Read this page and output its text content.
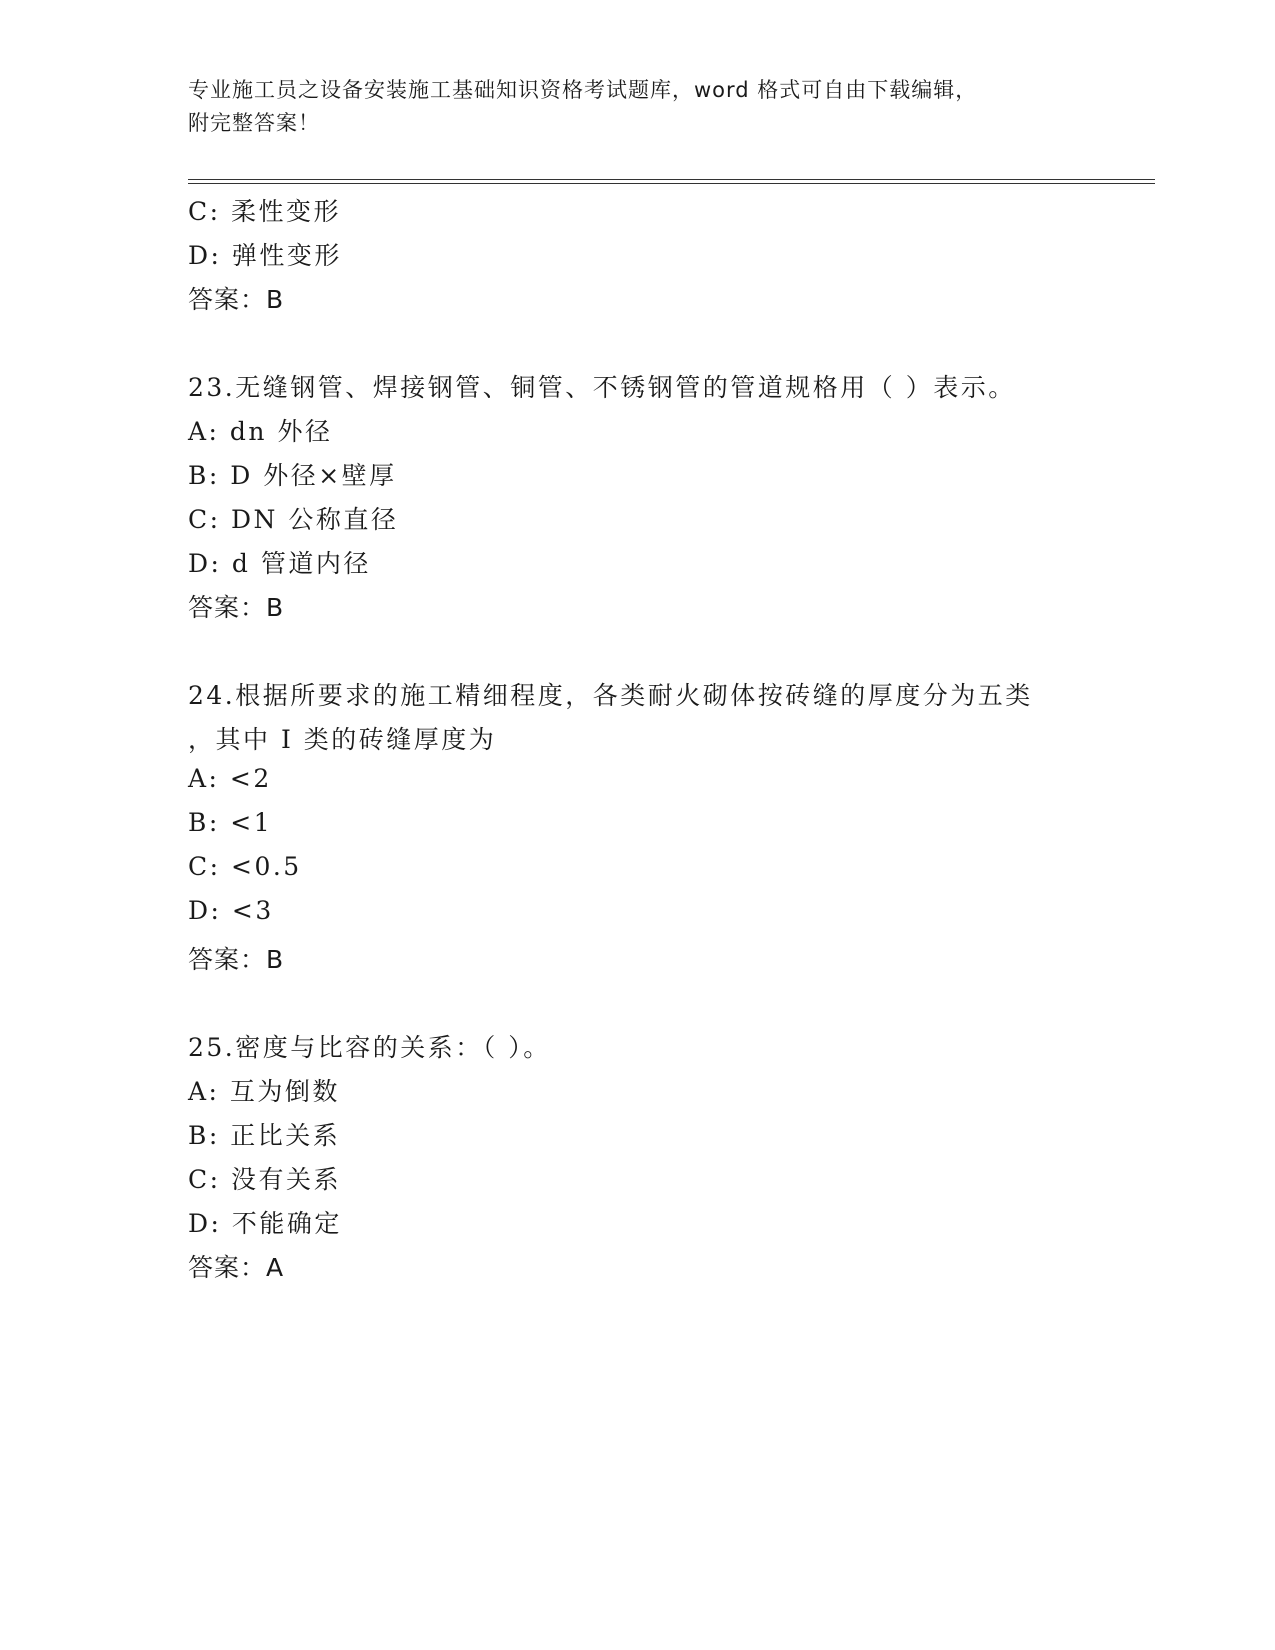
专业施工员之设备安装施工基础知识资格考试题库，word 格式可自由下载编辑，
附完整答案！
C: 柔性变形
D: 弹性变形
答案：B
23.无缝钢管、焊接钢管、铜管、不锈钢管的管道规格用（ ）表示。
A: dn 外径
B: D 外径×壁厚
C: DN 公称直径
D: d 管道内径
答案：B
24.根据所要求的施工精细程度，各类耐火砌体按砖缝的厚度分为五类
，其中 I 类的砖缝厚度为
A: <2
B: <1
C: <0.5
D: <3
答案：B
25.密度与比容的关系：（ ）。
A: 互为倒数
B: 正比关系
C: 没有关系
D: 不能确定
答案：A
